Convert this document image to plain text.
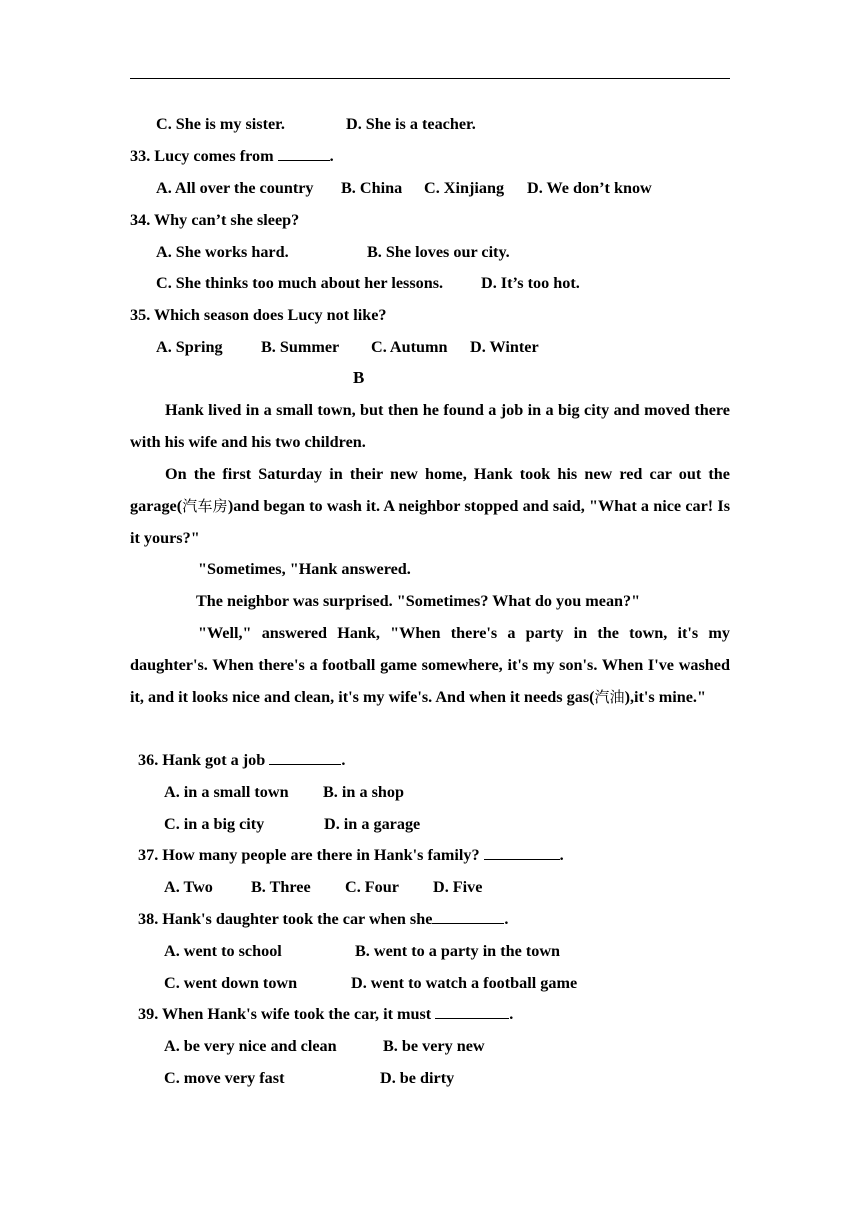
C. She is my sister.	D. She is a teacher.
33. Lucy comes from	.
A. All over the country B. China C. Xinjiang D. We don’t know
34. Why can’t she sleep?
A. She works hard.	B. She loves our city.
C. She thinks too much about her lessons. D. It’s too hot.
35. Which season does Lucy not like?
A. Spring B. Summer C. Autumn D. Winter
B
Hank lived in a small town, but then he found a job in a big city and moved there with his wife and his two children.
On the first Saturday in their new home, Hank took his new red car out the garage(汽车房)and began to wash it. A neighbor stopped and said, "What a nice car! Is it yours?"
"Sometimes, "Hank answered.
The neighbor was surprised. "Sometimes? What do you mean?"
"Well," answered Hank, "When there's a party in the town, it's my daughter's. When there's a football game somewhere, it's my son's. When I've washed it, and it looks nice and clean, it's my wife's. And when it needs gas(汽油),it's mine."
36. Hank got a job	.
A. in a small town B. in a shop
C. in a big city	D. in a garage
37. How many people are there in Hank's family?	.
A. Two B. Three C. Four D. Five
38. Hank's daughter took the car when she	.
A. went to school	B. went to a party in the town
C. went down town	D. went to watch a football game
39. When Hank's wife took the car, it must	.
A. be very nice and clean	B. be very new
C. move very fast	D. be dirty
